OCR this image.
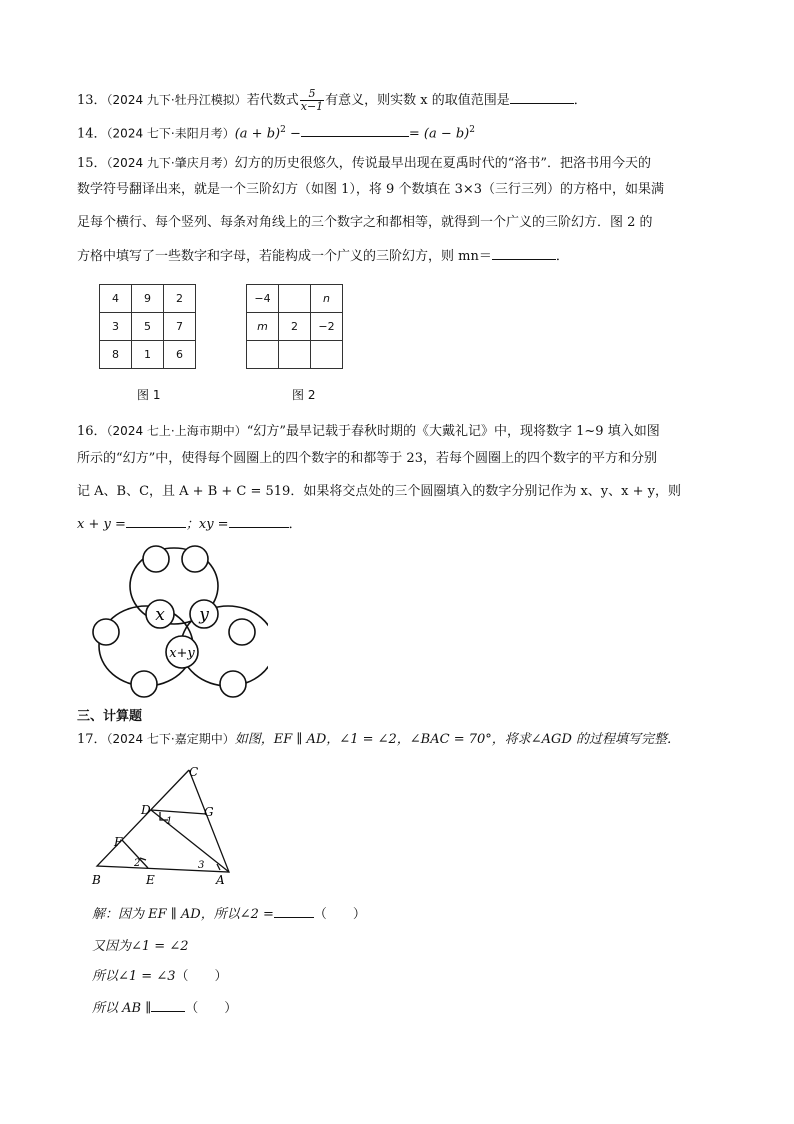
13．（2024 九下·牡丹江模拟）若代数式 $\frac{5}{x-1}$ 有意义，则实数 x 的取值范围是	．
14．（2024 七下·耒阳月考）$(a + b)^2$ −	= $(a - b)^2$
15．（2024 九下·肇庆月考）幻方的历史很悠久，传说最早出现在夏禹时代的“洛书”．把洛书用今天的
数学符号翻译出来，就是一个三阶幻方（如图 1），将 9 个数填在 3×3（三行三列）的方格中，如果满
足每个横行、每个竖列、每条对角线上的三个数字之和都相等，就得到一个广义的三阶幻方．图 2 的
方格中填写了一些数字和字母，若能构成一个广义的三阶幻方，则 mn＝	．
4	9	2
3	5	7
8	1	6
图 1
−4		n
m	2	−2

图 2
16．（2024 七上·上海市期中）“幻方”最早记载于春秋时期的《大戴礼记》中，现将数字 1~9 填入如图
所示的“幻方”中，使得每个圆圈上的四个数字的和都等于 23，若每个圆圈上的四个数字的平方和分别
记 A、B、C，且 A + B + C = 519．如果将交点处的三个圆圈填入的数字分别记作为 x、y、x + y，则
x + y =	；xy =	．
x y
x+y
三、计算题
17．（2024 七下·嘉定期中）如图，EF ∥ AD，∠1 = ∠2，∠BAC = 70°，将求∠AGD 的过程填写完整．
C
D	G
F
B	E	A
1
2	3
解：因为 EF ∥ AD，所以∠2 =	（　　）
又因为∠1 = ∠2
所以∠1 = ∠3（　　）
所以 AB ∥	（　　）
